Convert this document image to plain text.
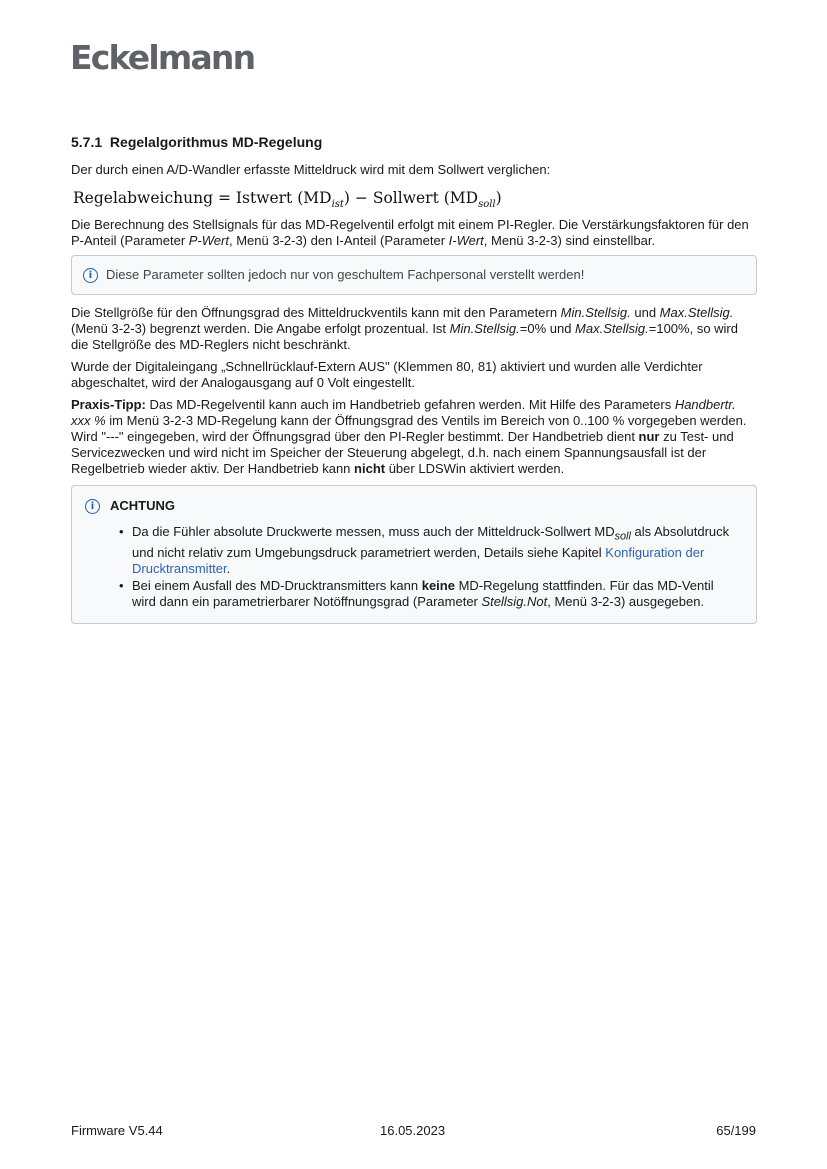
Eckelmann
5.7.1 Regelalgorithmus MD-Regelung

Der durch einen A/D-Wandler erfasste Mitteldruck wird mit dem Sollwert verglichen:

Regelabweichung = Istwert $(MD_{ist})$ − Sollwert $(MD_{soll})$

Die Berechnung des Stellsignals für das MD-Regelventil erfolgt mit einem PI-Regler. Die Verstärkungsfaktoren für den P-Anteil (Parameter P-Wert, Menü 3-2-3) den I-Anteil (Parameter I-Wert, Menü 3-2-3) sind einstellbar.

i	Diese Parameter sollten jedoch nur von geschultem Fachpersonal verstellt werden!

Die Stellgröße für den Öffnungsgrad des Mitteldruckventils kann mit den Parametern Min.Stellsig. und Max.Stellsig. (Menü 3-2-3) begrenzt werden. Die Angabe erfolgt prozentual. Ist Min.Stellsig.=0% und Max.Stellsig.=100%, so wird die Stellgröße des MD-Reglers nicht beschränkt.

Wurde der Digitaleingang „Schnellrücklauf-Extern AUS" (Klemmen 80, 81) aktiviert und wurden alle Verdichter abgeschaltet, wird der Analogausgang auf 0 Volt eingestellt.

Praxis-Tipp: Das MD-Regelventil kann auch im Handbetrieb gefahren werden. Mit Hilfe des Parameters Handbertr. xxx % im Menü 3-2-3 MD-Regelung kann der Öffnungsgrad des Ventils im Bereich von 0..100 % vorgegeben werden. Wird "---" eingegeben, wird der Öffnungsgrad über den PI-Regler bestimmt. Der Handbetrieb dient nur zu Test- und Servicezwecken und wird nicht im Speicher der Steuerung abgelegt, d.h. nach einem Spannungsausfall ist der Regelbetrieb wieder aktiv. Der Handbetrieb kann nicht über LDSWin aktiviert werden.

i	ACHTUNG
• Da die Fühler absolute Druckwerte messen, muss auch der Mitteldruck-Sollwert $MD_{soll}$ als Absolutdruck und nicht relativ zum Umgebungsdruck parametriert werden, Details siehe Kapitel Konfiguration der Drucktransmitter.
• Bei einem Ausfall des MD-Drucktransmitters kann keine MD-Regelung stattfinden. Für das MD-Ventil wird dann ein parametrierbarer Notöffnungsgrad (Parameter Stellsig.Not, Menü 3-2-3) ausgegeben.
Firmware V5.44	16.05.2023	65/199
